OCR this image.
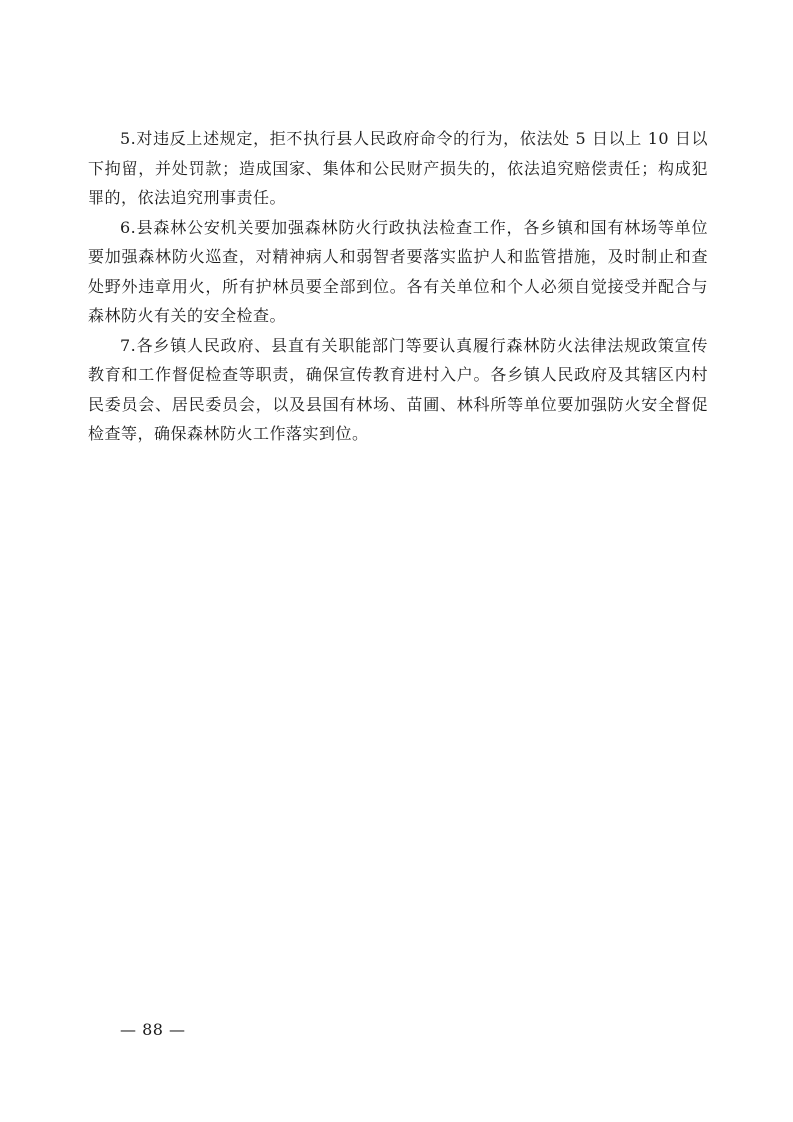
5.对违反上述规定，拒不执行县人民政府命令的行为，依法处 5 日以上 10 日以下拘留，并处罚款；造成国家、集体和公民财产损失的，依法追究赔偿责任；构成犯罪的，依法追究刑事责任。

6.县森林公安机关要加强森林防火行政执法检查工作，各乡镇和国有林场等单位要加强森林防火巡查，对精神病人和弱智者要落实监护人和监管措施，及时制止和查处野外违章用火，所有护林员要全部到位。各有关单位和个人必须自觉接受并配合与森林防火有关的安全检查。

7.各乡镇人民政府、县直有关职能部门等要认真履行森林防火法律法规政策宣传教育和工作督促检查等职责，确保宣传教育进村入户。各乡镇人民政府及其辖区内村民委员会、居民委员会，以及县国有林场、苗圃、林科所等单位要加强防火安全督促检查等，确保森林防火工作落实到位。

— 88 —
